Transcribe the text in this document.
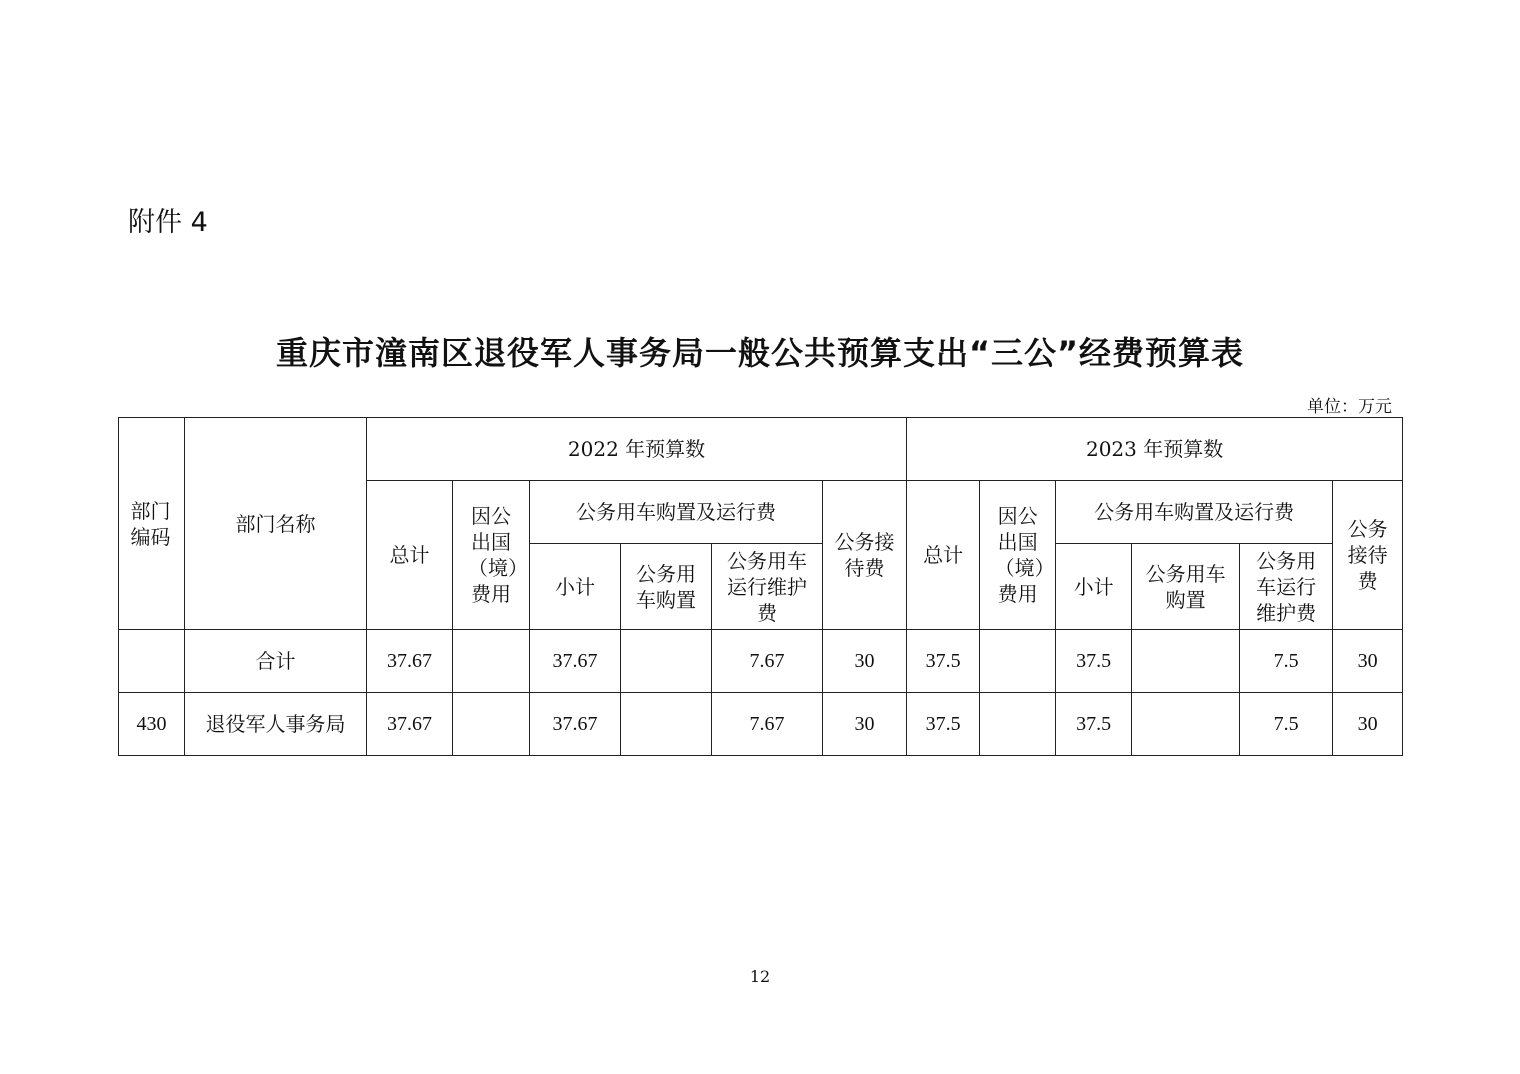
附件 4
重庆市潼南区退役军人事务局一般公共预算支出“三公”经费预算表
单位：万元
部门编码	部门名称	2022 年预算数						2023 年预算数					
		总计	因公出国（境）费用	公务用车购置及运行费			公务接待费	总计	因公出国（境）费用	公务用车购置及运行费			公务接待费

				小计	公务用车购置	公务用车运行维护费				小计	公务用车购置	公务用车运行维护费	

	合计	37.67		37.67		7.67	30	37.5		37.5		7.5	30
430	退役军人事务局	37.67		37.67		7.67	30	37.5		37.5		7.5	30
12
